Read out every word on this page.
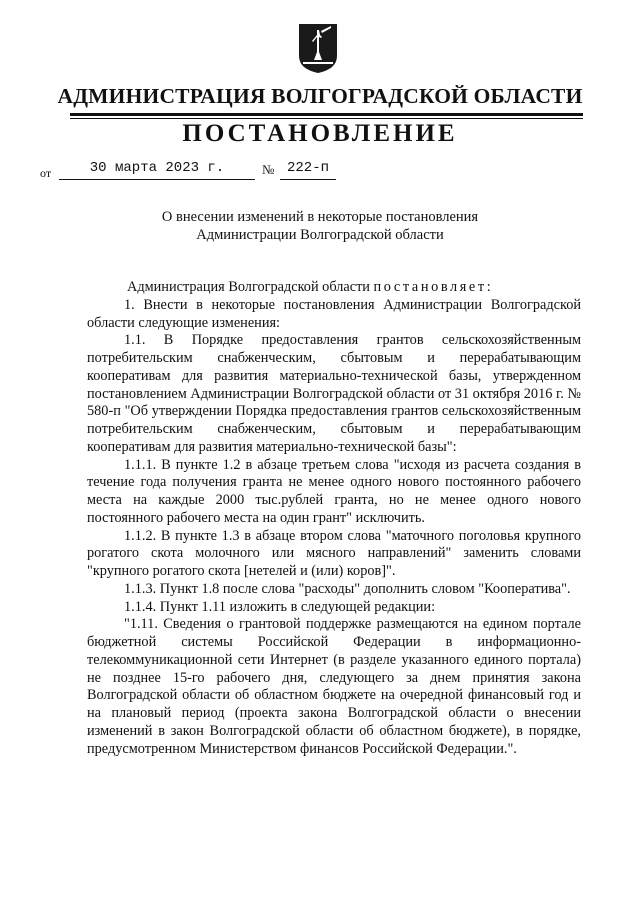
АДМИНИСТРАЦИЯ ВОЛГОГРАДСКОЙ ОБЛАСТИ
ПОСТАНОВЛЕНИЕ
от	30 марта 2023 г.	№ 222-п
О внесении изменений в некоторые постановления
Администрации Волгоградской области

Администрация Волгоградской области постановляет:

1. Внести в некоторые постановления Администрации Волгоградской области следующие изменения:

1.1. В Порядке предоставления грантов сельскохозяйственным потребительским снабженческим, сбытовым и перерабатывающим кооперативам для развития материально-технической базы, утвержденном постановлением Администрации Волгоградской области от 31 октября 2016 г. № 580-п "Об утверждении Порядка предоставления грантов сельскохозяйственным потребительским снабженческим, сбытовым и перерабатывающим кооперативам для развития материально-технической базы":

1.1.1. В пункте 1.2 в абзаце третьем слова "исходя из расчета создания в течение года получения гранта не менее одного нового постоянного рабочего места на каждые 2000 тыс.рублей гранта, но не менее одного нового постоянного рабочего места на один грант" исключить.

1.1.2. В пункте 1.3 в абзаце втором слова "маточного поголовья крупного рогатого скота молочного или мясного направлений" заменить словами "крупного рогатого скота [нетелей и (или) коров]".

1.1.3. Пункт 1.8 после слова "расходы" дополнить словом "Кооператива".

1.1.4. Пункт 1.11 изложить в следующей редакции:

"1.11. Сведения о грантовой поддержке размещаются на едином портале бюджетной системы Российской Федерации в информационно-телекоммуникационной сети Интернет (в разделе указанного единого портала) не позднее 15-го рабочего дня, следующего за днем принятия закона Волгоградской области об областном бюджете на очередной финансовый год и на плановый период (проекта закона Волгоградской области о внесении изменений в закон Волгоградской области об областном бюджете), в порядке, предусмотренном Министерством финансов Российской Федерации.".
